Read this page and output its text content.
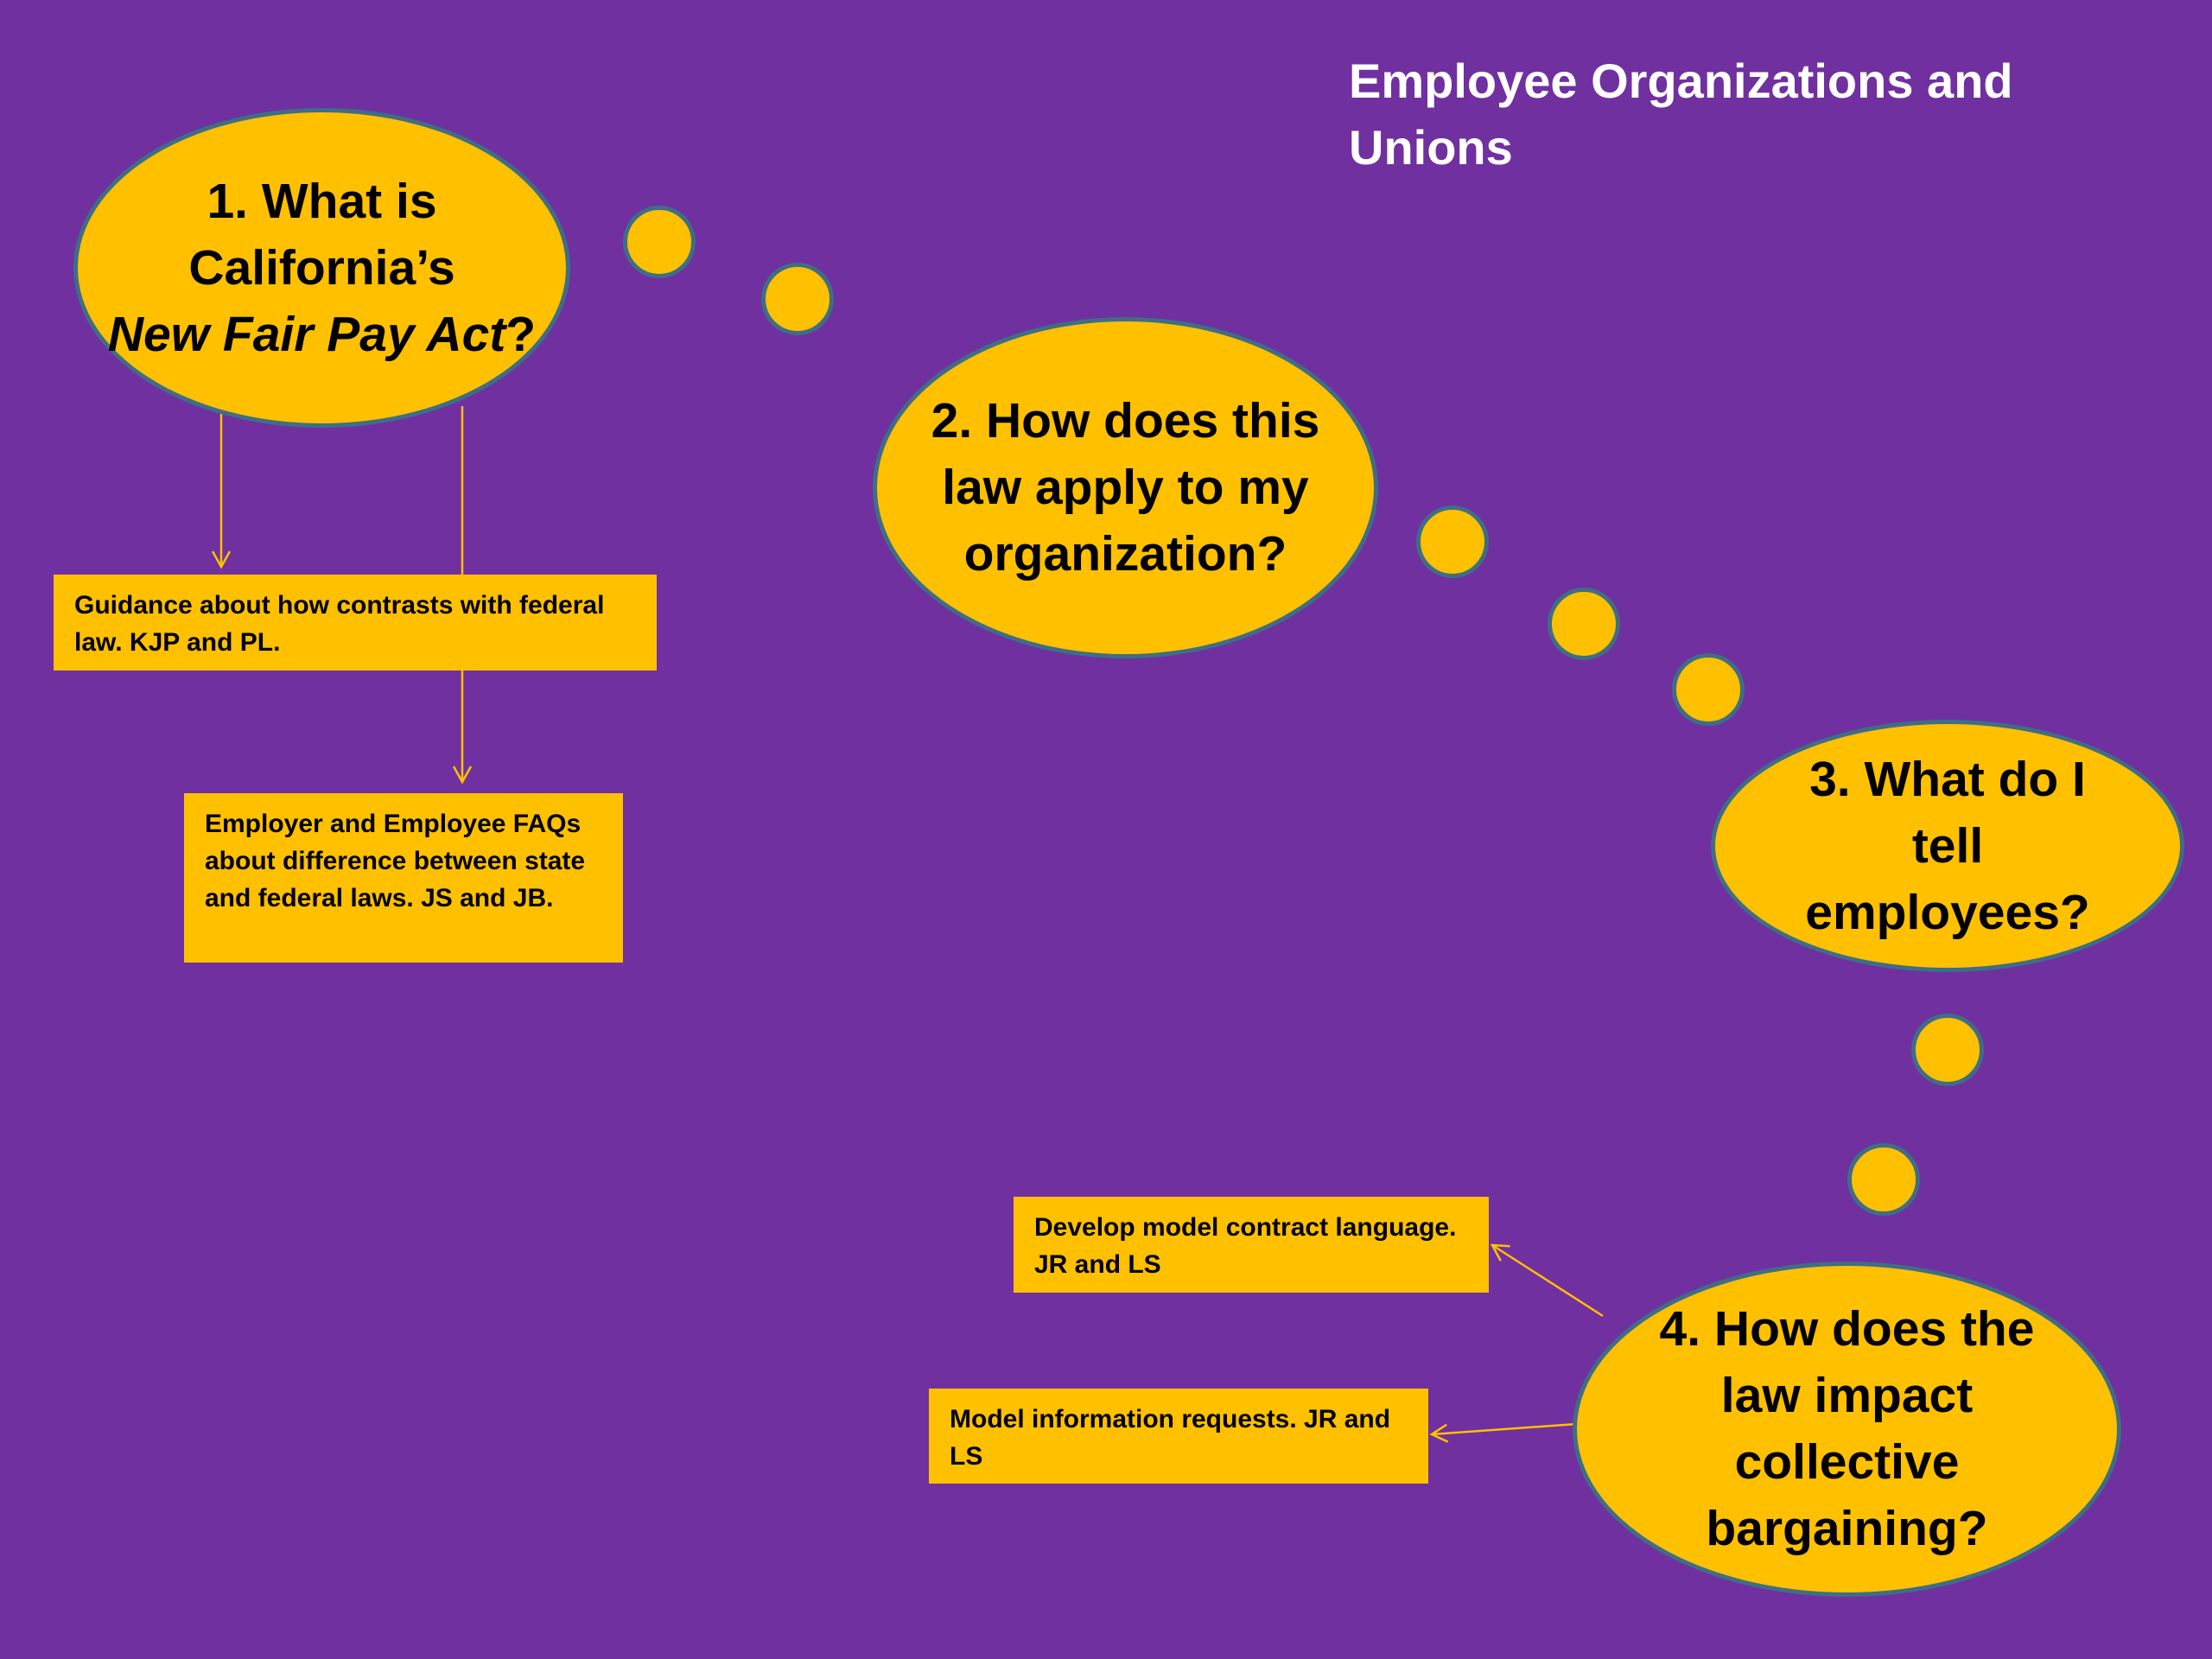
Employee Organizations and Unions
1. What is California’s
New Fair Pay Act?
2. How does this law apply to my organization?
3. What do I tell employees?
4. How does the law impact collective bargaining?
Guidance about how contrasts with federal law. KJP and PL.
Employer and Employee FAQs about difference between state and federal laws. JS and JB.
Develop model contract language. JR and LS
Model information requests. JR and LS
